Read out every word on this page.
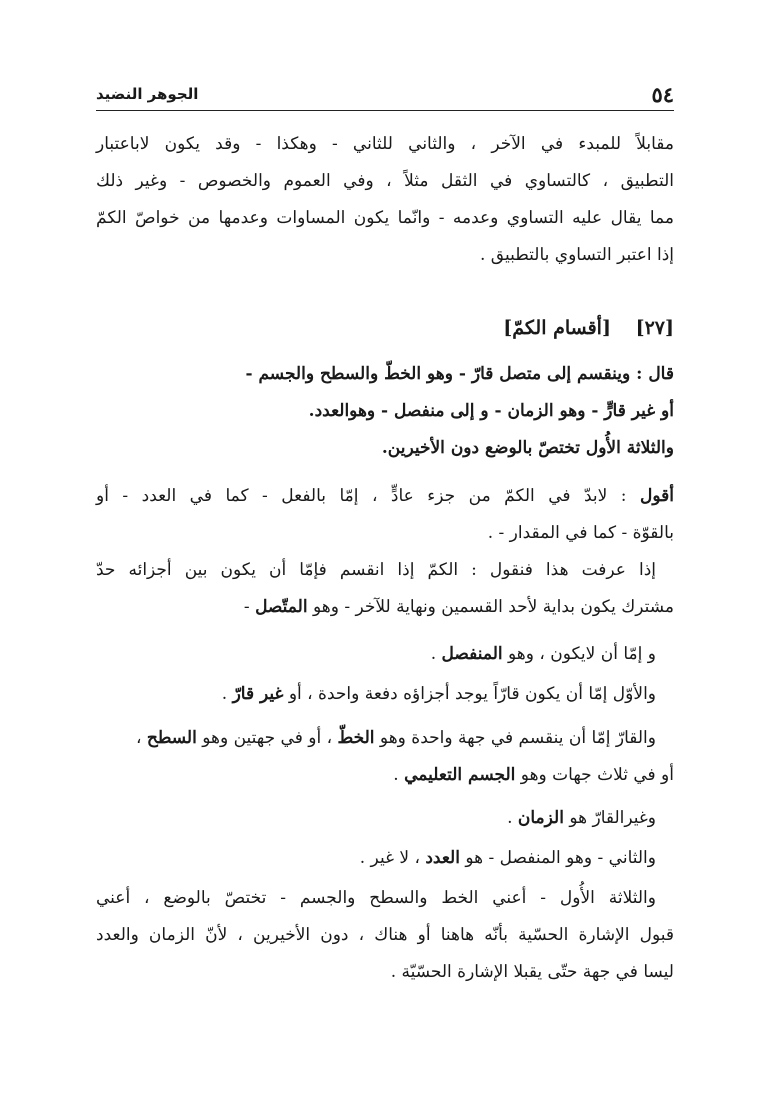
٥٤
الجوهر النضيد
مقابلاً للمبدء في الآخر ، والثاني للثاني - وهكذا - وقد يكون لاباعتبار
التطبيق ، كالتساوي في الثقل مثلاً ، وفي العموم والخصوص - وغير ذلك
مما يقال عليه التساوي وعدمه - وانّما يكون المساوات وعدمها من خواصّ الكمّ
إذا اعتبر التساوي بالتطبيق .
[٢٧] [أقسام الكمّ]
قال : وينقسم إلى متصل قارّ - وهو الخطّ والسطح والجسم -
أو غير قارٍّ - وهو الزمان - و إلى منفصل - وهوالعدد.
والثلاثة الأُول تختصّ بالوضع دون الأخيرين.
أقول : لابدّ في الكمّ من جزء عادٍّ ، إمّا بالفعل - كما في العدد - أو
بالقوّة - كما في المقدار - .
إذا عرفت هذا فنقول : الكمّ إذا انقسم فإمّا أن يكون بين أجزائه حدّ
مشترك يكون بداية لأحد القسمين ونهاية للآخر - وهو المتّصل -
و إمّا أن لايكون ، وهو المنفصل .
والأوّل إمّا أن يكون قارّاً يوجد أجزاؤه دفعة واحدة ، أو غير قارّ .
والقارّ إمّا أن ينقسم في جهة واحدة وهو الخطّ ، أو في جهتين وهو السطح ،
أو في ثلاث جهات وهو الجسم التعليمي .
وغيرالقارّ هو الزمان .
والثاني - وهو المنفصل - هو العدد ، لا غير .
والثلاثة الأُول - أعني الخط والسطح والجسم - تختصّ بالوضع ، أعني
قبول الإشارة الحسّية بأنّه هاهنا أو هناك ، دون الأخيرين ، لأنّ الزمان والعدد
ليسا في جهة حتّى يقبلا الإشارة الحسّيّة .
